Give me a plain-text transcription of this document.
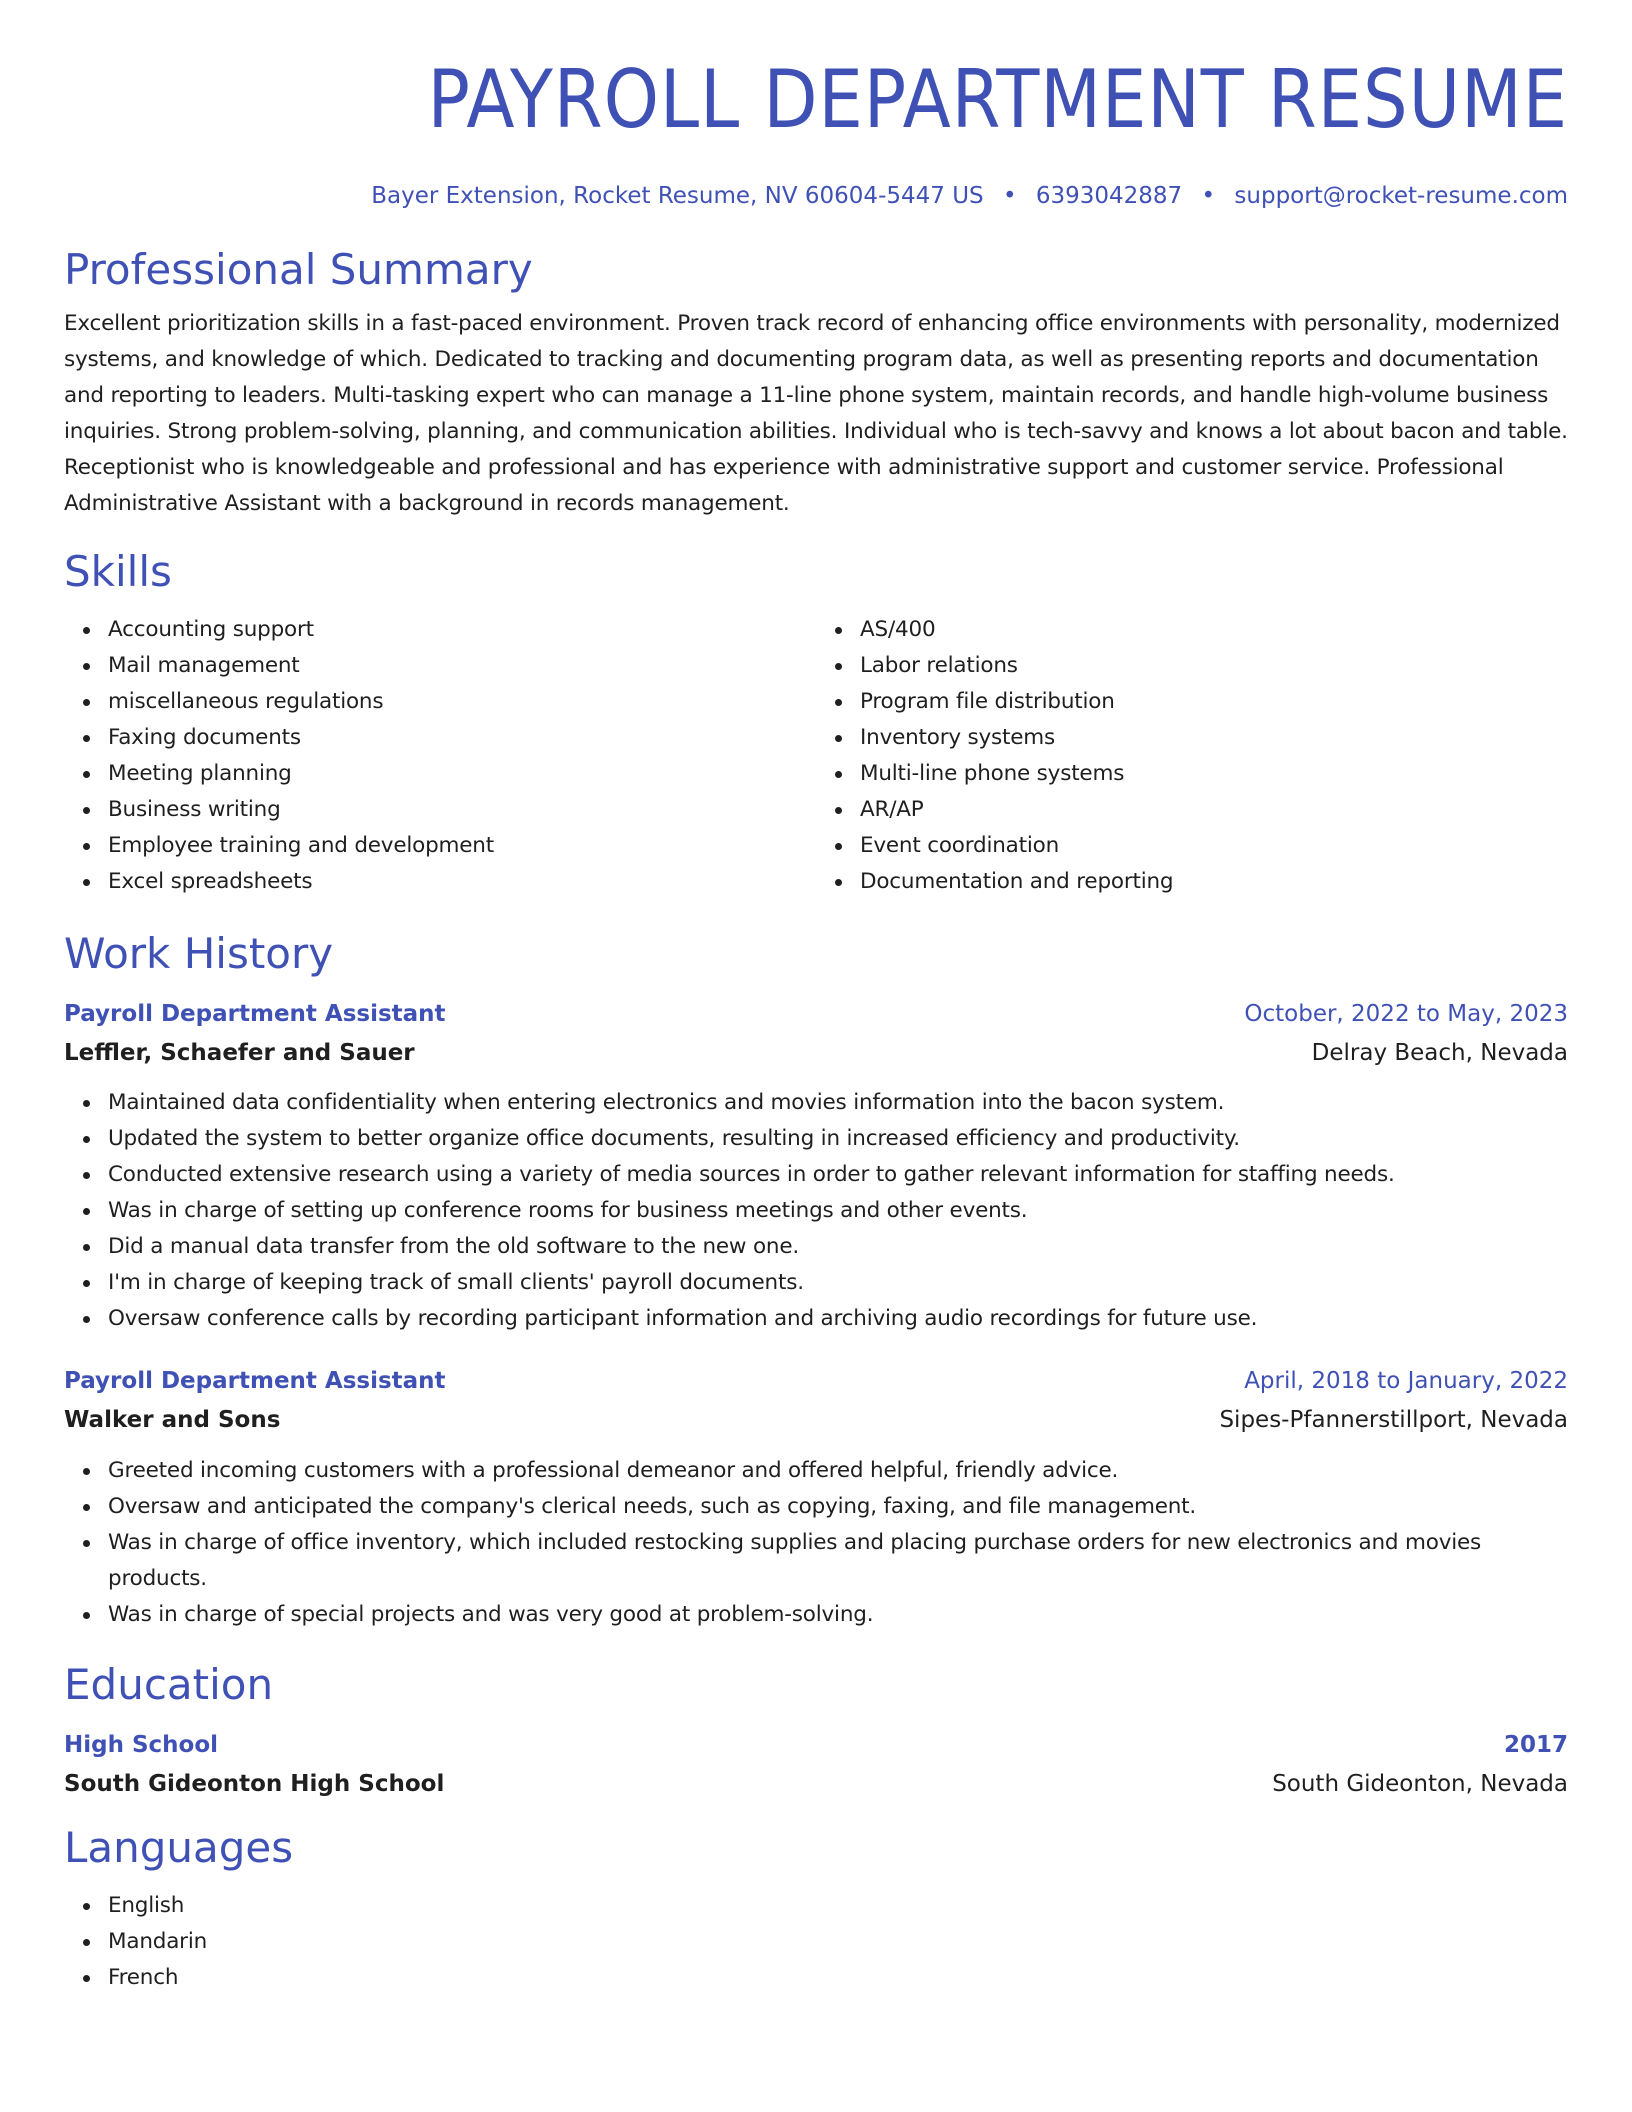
PAYROLL DEPARTMENT RESUME
Bayer Extension, Rocket Resume, NV 60604-5447 US • 6393042887 • support@rocket-resume.com
Professional Summary
Excellent prioritization skills in a fast-paced environment. Proven track record of enhancing office environments with personality, modernized systems, and knowledge of which. Dedicated to tracking and documenting program data, as well as presenting reports and documentation and reporting to leaders. Multi-tasking expert who can manage a 11-line phone system, maintain records, and handle high-volume business inquiries. Strong problem-solving, planning, and communication abilities. Individual who is tech-savvy and knows a lot about bacon and table. Receptionist who is knowledgeable and professional and has experience with administrative support and customer service. Professional Administrative Assistant with a background in records management.
Skills
Accounting support
Mail management
miscellaneous regulations
Faxing documents
Meeting planning
Business writing
Employee training and development
Excel spreadsheets
AS/400
Labor relations
Program file distribution
Inventory systems
Multi-line phone systems
AR/AP
Event coordination
Documentation and reporting
Work History
Payroll Department Assistant	October, 2022 to May, 2023
Leffler, Schaefer and Sauer	Delray Beach, Nevada
Maintained data confidentiality when entering electronics and movies information into the bacon system.
Updated the system to better organize office documents, resulting in increased efficiency and productivity.
Conducted extensive research using a variety of media sources in order to gather relevant information for staffing needs.
Was in charge of setting up conference rooms for business meetings and other events.
Did a manual data transfer from the old software to the new one.
I'm in charge of keeping track of small clients' payroll documents.
Oversaw conference calls by recording participant information and archiving audio recordings for future use.
Payroll Department Assistant	April, 2018 to January, 2022
Walker and Sons	Sipes-Pfannerstillport, Nevada
Greeted incoming customers with a professional demeanor and offered helpful, friendly advice.
Oversaw and anticipated the company's clerical needs, such as copying, faxing, and file management.
Was in charge of office inventory, which included restocking supplies and placing purchase orders for new electronics and movies products.
Was in charge of special projects and was very good at problem-solving.
Education
High School	2017
South Gideonton High School	South Gideonton, Nevada
Languages
English
Mandarin
French
